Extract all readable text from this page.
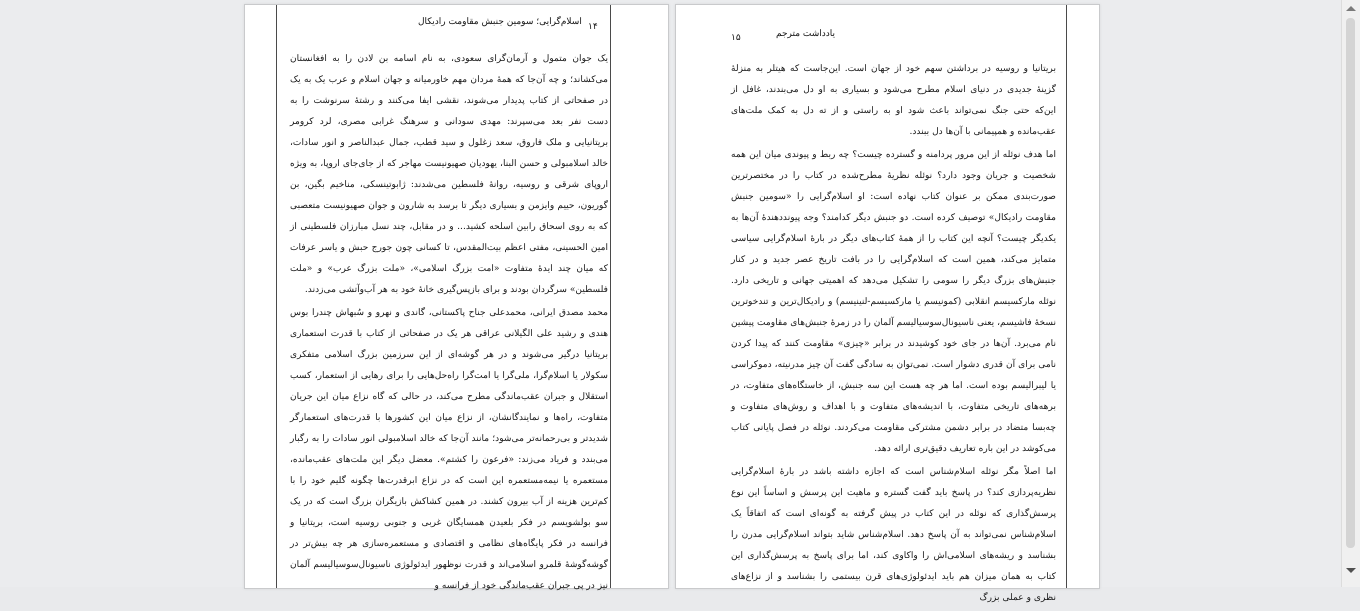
اسلام‌گرایی؛ سومین جنبش مقاومت رادیکال ۱۴

یک جوان متمول و آرمان‌گرای سعودی، به نام اسامه بن لادن را به افغانستان می‌کشاند؛ و چه آن‌جا که همهٔ مردان مهم خاورمیانه و جهان اسلام و عرب یک به یک در صفحاتی از کتاب پدیدار می‌شوند، نقشی ایفا می‌کنند و رشتهٔ سرنوشت را به دست نفر بعد می‌سپرند: مهدی سودانی و سرهنگ غرابی مصری، لرد کرومر بریتانیایی و ملک فاروق، سعد زغلول و سید قطب، جمال عبدالناصر و انور سادات، خالد اسلامبولی و حسن البنا، یهودیان صهیونیست مهاجر که از جای‌جای اروپا، به ویژه اروپای شرقی و روسیه، روانهٔ فلسطین می‌شدند: ژابوتینسکی، مناخیم بگین، بن گوریون، حییم وایزمن و بسیاری دیگر تا برسد به شارون و جوان صهیونیست متعصبی که به روی اسحاق رابین اسلحه کشید... و در مقابل، چند نسل مبارزان فلسطینی از امین الحسینی، مفتی اعظم بیت‌المقدس، تا کسانی چون جورج حبش و یاسر عرفات که میان چند ایدهٔ متفاوت «امت بزرگ اسلامی»، «ملت بزرگ عرب» و «ملت فلسطین» سرگردان بودند و برای بازپس‌گیری خانهٔ خود به هر آب‌وآتشی می‌زدند.

محمد مصدق ایرانی، محمدعلی جناح پاکستانی، گاندی و نهرو و سُبهاش چندرا بوس هندی و رشید علی الگیلانی عراقی هر یک در صفحاتی از کتاب با قدرت استعماری بریتانیا درگیر می‌شوند و در هر گوشه‌ای از این سرزمین بزرگ اسلامی متفکری سکولار یا اسلام‌گرا، ملی‌گرا یا امت‌گرا راه‌حل‌هایی را برای رهایی از استعمار، کسب استقلال و جبران عقب‌ماندگی مطرح می‌کند، در حالی که گاه نزاع میان این جریان متفاوت، راه‌ها و نمایندگانشان، از نزاع میان این کشورها با قدرت‌های استعمارگر شدیدتر و بی‌رحمانه‌تر می‌شود؛ مانند آن‌جا که خالد اسلامبولی انور سادات را به رگبار می‌بندد و فریاد می‌زند: «فرعون را کشتم». معضل دیگر این ملت‌های عقب‌مانده، مستعمره یا نیمه‌مستعمره این است که در نزاع ابرقدرت‌ها چگونه گلیم خود را با کم‌ترین هزینه از آب بیرون کشند. در همین کشاکش بازیگران بزرگ است که در یک سو بولشویسم در فکر بلعیدن همسایگان غربی و جنوبی روسیه است، بریتانیا و فرانسه در فکر پایگاه‌های نظامی و اقتصادی و مستعمره‌سازی هر چه بیش‌تر در گوشه‌گوشهٔ قلمرو اسلامی‌اند و قدرت نوظهور ایدئولوژی ناسیونال‌سوسیالیسم آلمان نیز در پی جبران عقب‌ماندگی خود از فرانسه و

یادداشت مترجم
۱۵

بریتانیا و روسیه در برداشتن سهم خود از جهان است. این‌جاست که هیتلر به منزلهٔ گزینهٔ جدیدی در دنیای اسلام مطرح می‌شود و بسیاری به او دل می‌بندند، غافل از این‌که حتی جنگ نمی‌تواند باعث شود او به راستی و از ته دل به کمک ملت‌های عقب‌مانده و همپیمانی با آن‌ها دل ببندد.

اما هدف نوئله از این مرور پردامنه و گسترده چیست؟ چه ربط و پیوندی میان این همه شخصیت و جریان وجود دارد؟ نوئله نظریهٔ مطرح‌شده در کتاب را در مختصرترین صورت‌بندی ممکن بر عنوان کتاب نهاده است: او اسلام‌گرایی را «سومین جنبش مقاومت رادیکال» توصیف کرده است. دو جنبش دیگر کدامند؟ وجه پیونددهندهٔ آن‌ها به یکدیگر چیست؟ آنچه این کتاب را از همهٔ کتاب‌های دیگر در بارهٔ اسلام‌گرایی سیاسی متمایز می‌کند، همین است که اسلام‌گرایی را در بافت تاریخ عصر جدید و در کنار جنبش‌های بزرگ دیگر را سومی را تشکیل می‌دهد که اهمیتی جهانی و تاریخی دارد. نوئله مارکسیسم انقلابی (کمونیسم یا مارکسیسم-لنینیسم) و رادیکال‌ترین و تندخوترین نسخهٔ فاشیسم، یعنی ناسیونال‌سوسیالیسم آلمان را در زمرهٔ جنبش‌های مقاومت پیشین نام می‌برد. آن‌ها در جای خود کوشیدند در برابر «چیزی» مقاومت کنند که پیدا کردن نامی برای آن قدری دشوار است. نمی‌توان به سادگی گفت آن چیز مدرنیته، دموکراسی یا لیبرالیسم بوده است. اما هر چه هست این سه جنبش، از خاستگاه‌های متفاوت، در برهه‌های تاریخی متفاوت، با اندیشه‌های متفاوت و با اهداف و روش‌های متفاوت و چه‌بسا متضاد در برابر دشمن مشترکی مقاومت می‌کردند. نوئله در فصل پایانی کتاب می‌کوشد در این باره تعاریف دقیق‌تری ارائه دهد.

اما اصلاً مگر نوئله اسلام‌شناس است که اجازه داشته باشد در بارهٔ اسلام‌گرایی نظریه‌پردازی کند؟ در پاسخ باید گفت گستره و ماهیت این پرسش و اساساً این نوع پرسش‌گذاری که نوئله در این کتاب در پیش گرفته به گونه‌ای است که اتفاقاً یک اسلام‌شناس نمی‌تواند به آن پاسخ دهد. اسلام‌شناس شاید بتواند اسلام‌گرایی مدرن را بشناسد و ریشه‌های اسلامی‌اش را واکاوی کند، اما برای پاسخ به پرسش‌گذاری این کتاب به همان میزان هم باید ایدئولوژی‌های قرن بیستمی را بشناسد و از نزاع‌های نظری و عملی بزرگ
